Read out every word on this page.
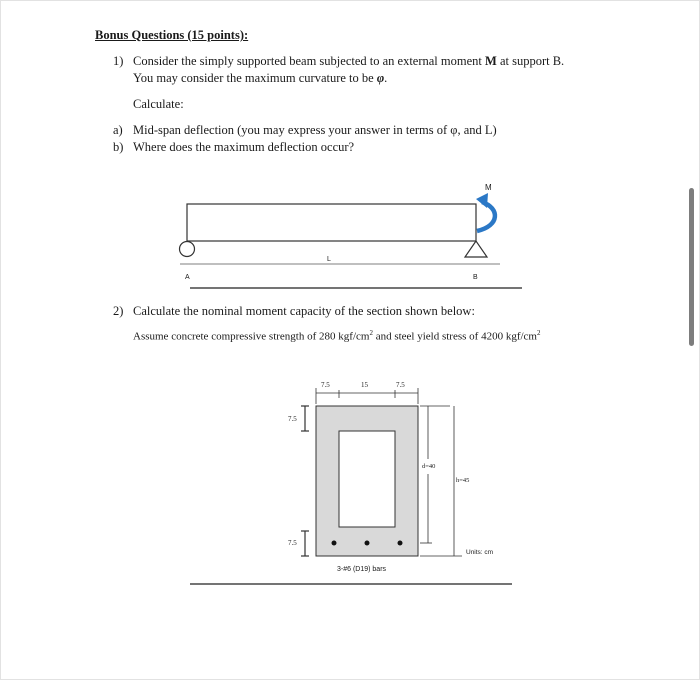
Bonus Questions (15 points):
1) Consider the simply supported beam subjected to an external moment M at support B.
You may consider the maximum curvature to be φ.
Calculate:
a) Mid-span deflection (you may express your answer in terms of φ, and L)
b) Where does the maximum deflection occur?
M
L
A	B
2) Calculate the nominal moment capacity of the section shown below:
Assume concrete compressive strength of 280 kgf/$cm^2$ and steel yield stress of 4200 kgf/$cm^2$
7.5	15	7.5
7.5
7.5
d=40
h=45
Units: cm
3-#6 (D19) bars
